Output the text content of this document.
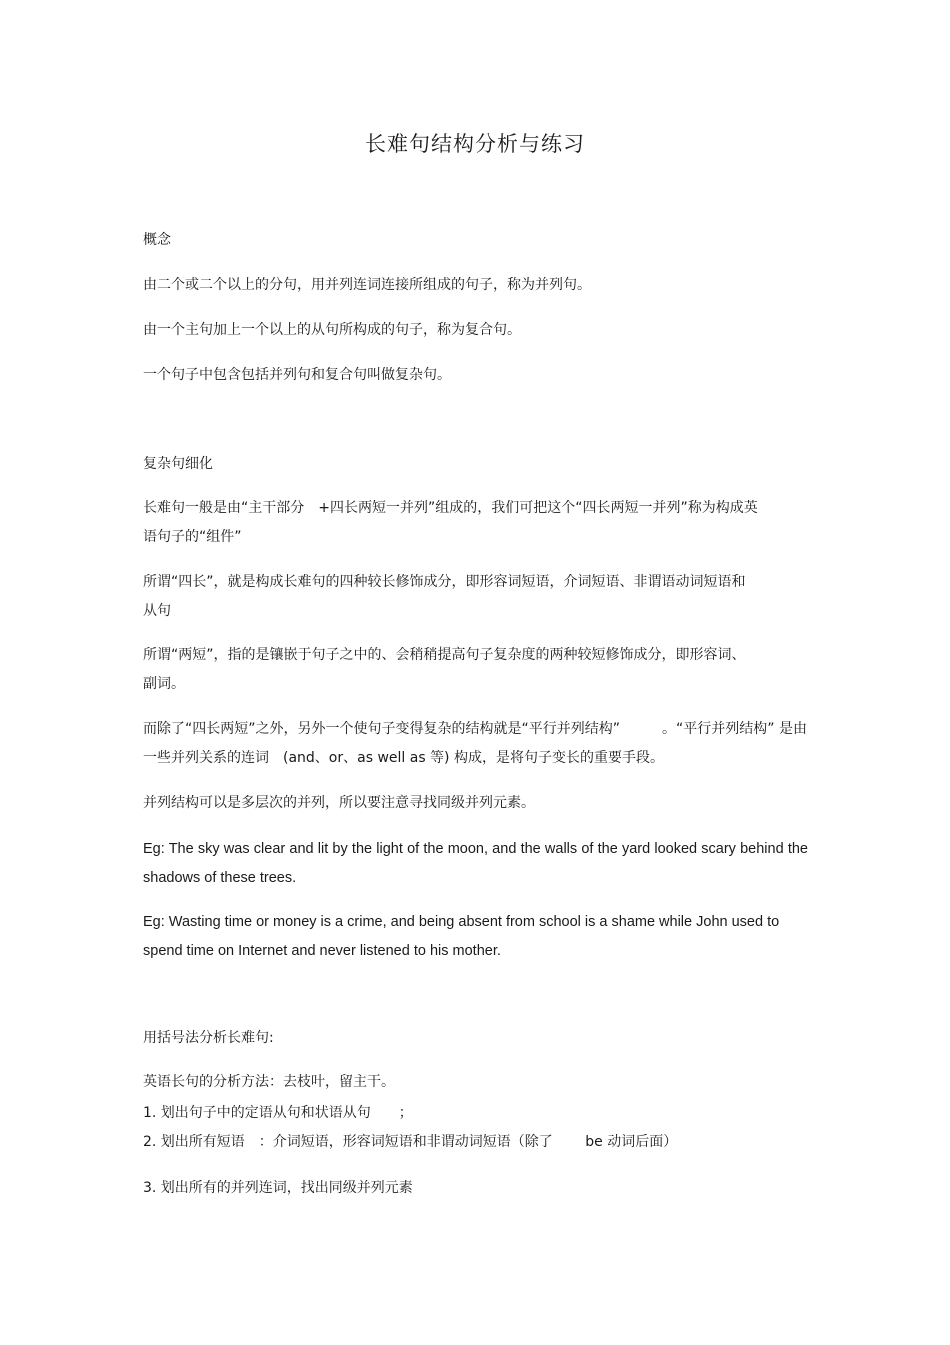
长难句结构分析与练习

概念

由二个或二个以上的分句，用并列连词连接所组成的句子，称为并列句。

由一个主句加上一个以上的从句所构成的句子，称为复合句。

一个句子中包含包括并列句和复合句叫做复杂句。

复杂句细化

长难句一般是由“主干部分　+四长两短一并列”组成的，我们可把这个“四长两短一并列”称为构成英语句子的“组件”

所谓“四长”，就是构成长难句的四种较长修饰成分，即形容词短语，介词短语、非谓语动词短语和从句

所谓“两短”，指的是镶嵌于句子之中的、会稍稍提高句子复杂度的两种较短修饰成分，即形容词、副词。

而除了“四长两短”之外，另外一个使句子变得复杂的结构就是“平行并列结构”　　　。“平行并列结构” 是由一些并列关系的连词　(and、or、as well as 等) 构成，是将句子变长的重要手段。

并列结构可以是多层次的并列，所以要注意寻找同级并列元素。

Eg: The sky was clear and lit by the light of the moon, and the walls of the yard looked scary behind the shadows of these trees.

Eg: Wasting time or money is a crime, and being absent from school is a shame while John used to spend time on Internet and never listened to his mother.

用括号法分析长难句:

英语长句的分析方法：去枝叶，留主干。

1. 划出句子中的定语从句和状语从句　　；

2. 划出所有短语　：介词短语，形容词短语和非谓动词短语（除了　　 be 动词后面）

3. 划出所有的并列连词，找出同级并列元素
